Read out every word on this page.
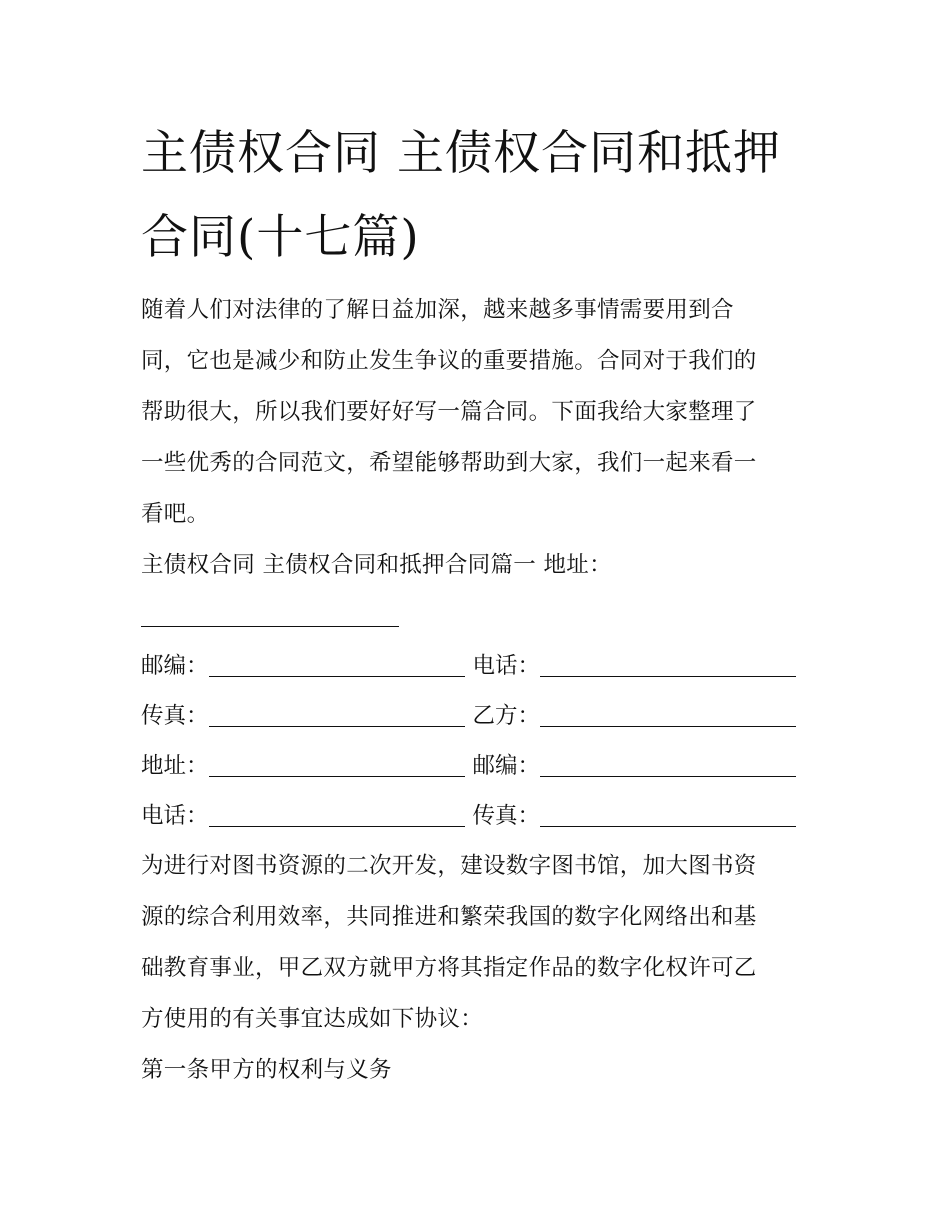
主债权合同 主债权合同和抵押
合同(十七篇)
随着人们对法律的了解日益加深，越来越多事情需要用到合
同，它也是减少和防止发生争议的重要措施。合同对于我们的
帮助很大，所以我们要好好写一篇合同。下面我给大家整理了
一些优秀的合同范文，希望能够帮助到大家，我们一起来看一
看吧。
主债权合同 主债权合同和抵押合同篇一 地址：
邮编：	电话：
传真：	乙方：
地址：	邮编：
电话：	传真：
为进行对图书资源的二次开发，建设数字图书馆，加大图书资
源的综合利用效率，共同推进和繁荣我国的数字化网络出和基
础教育事业，甲乙双方就甲方将其指定作品的数字化权许可乙
方使用的有关事宜达成如下协议：
第一条甲方的权利与义务
